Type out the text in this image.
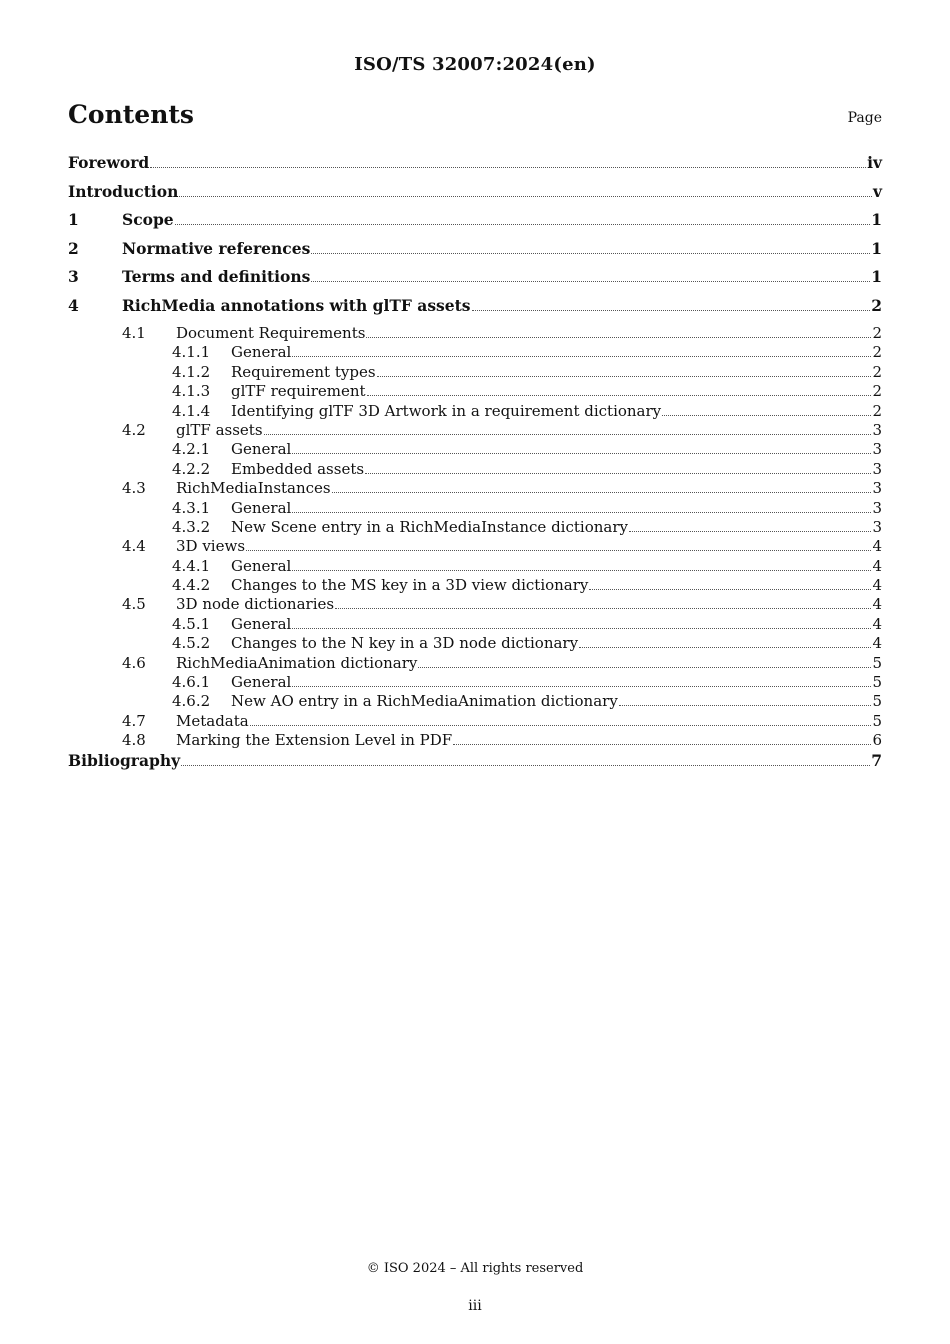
ISO/TS 32007:2024(en)
Contents	Page
Foreword	iv
Introduction	v
1	Scope	1
2	Normative references	1
3	Terms and definitions	1
4	RichMedia annotations with glTF assets	2
4.1	Document Requirements	2
4.1.1	General	2
4.1.2	Requirement types	2
4.1.3	glTF requirement	2
4.1.4	Identifying glTF 3D Artwork in a requirement dictionary	2
4.2	glTF assets	3
4.2.1	General	3
4.2.2	Embedded assets	3
4.3	RichMediaInstances	3
4.3.1	General	3
4.3.2	New Scene entry in a RichMediaInstance dictionary	3
4.4	3D views	4
4.4.1	General	4
4.4.2	Changes to the MS key in a 3D view dictionary	4
4.5	3D node dictionaries	4
4.5.1	General	4
4.5.2	Changes to the N key in a 3D node dictionary	4
4.6	RichMediaAnimation dictionary	5
4.6.1	General	5
4.6.2	New AO entry in a RichMediaAnimation dictionary	5
4.7	Metadata	5
4.8	Marking the Extension Level in PDF	6
Bibliography	7
© ISO 2024 – All rights reserved
iii
